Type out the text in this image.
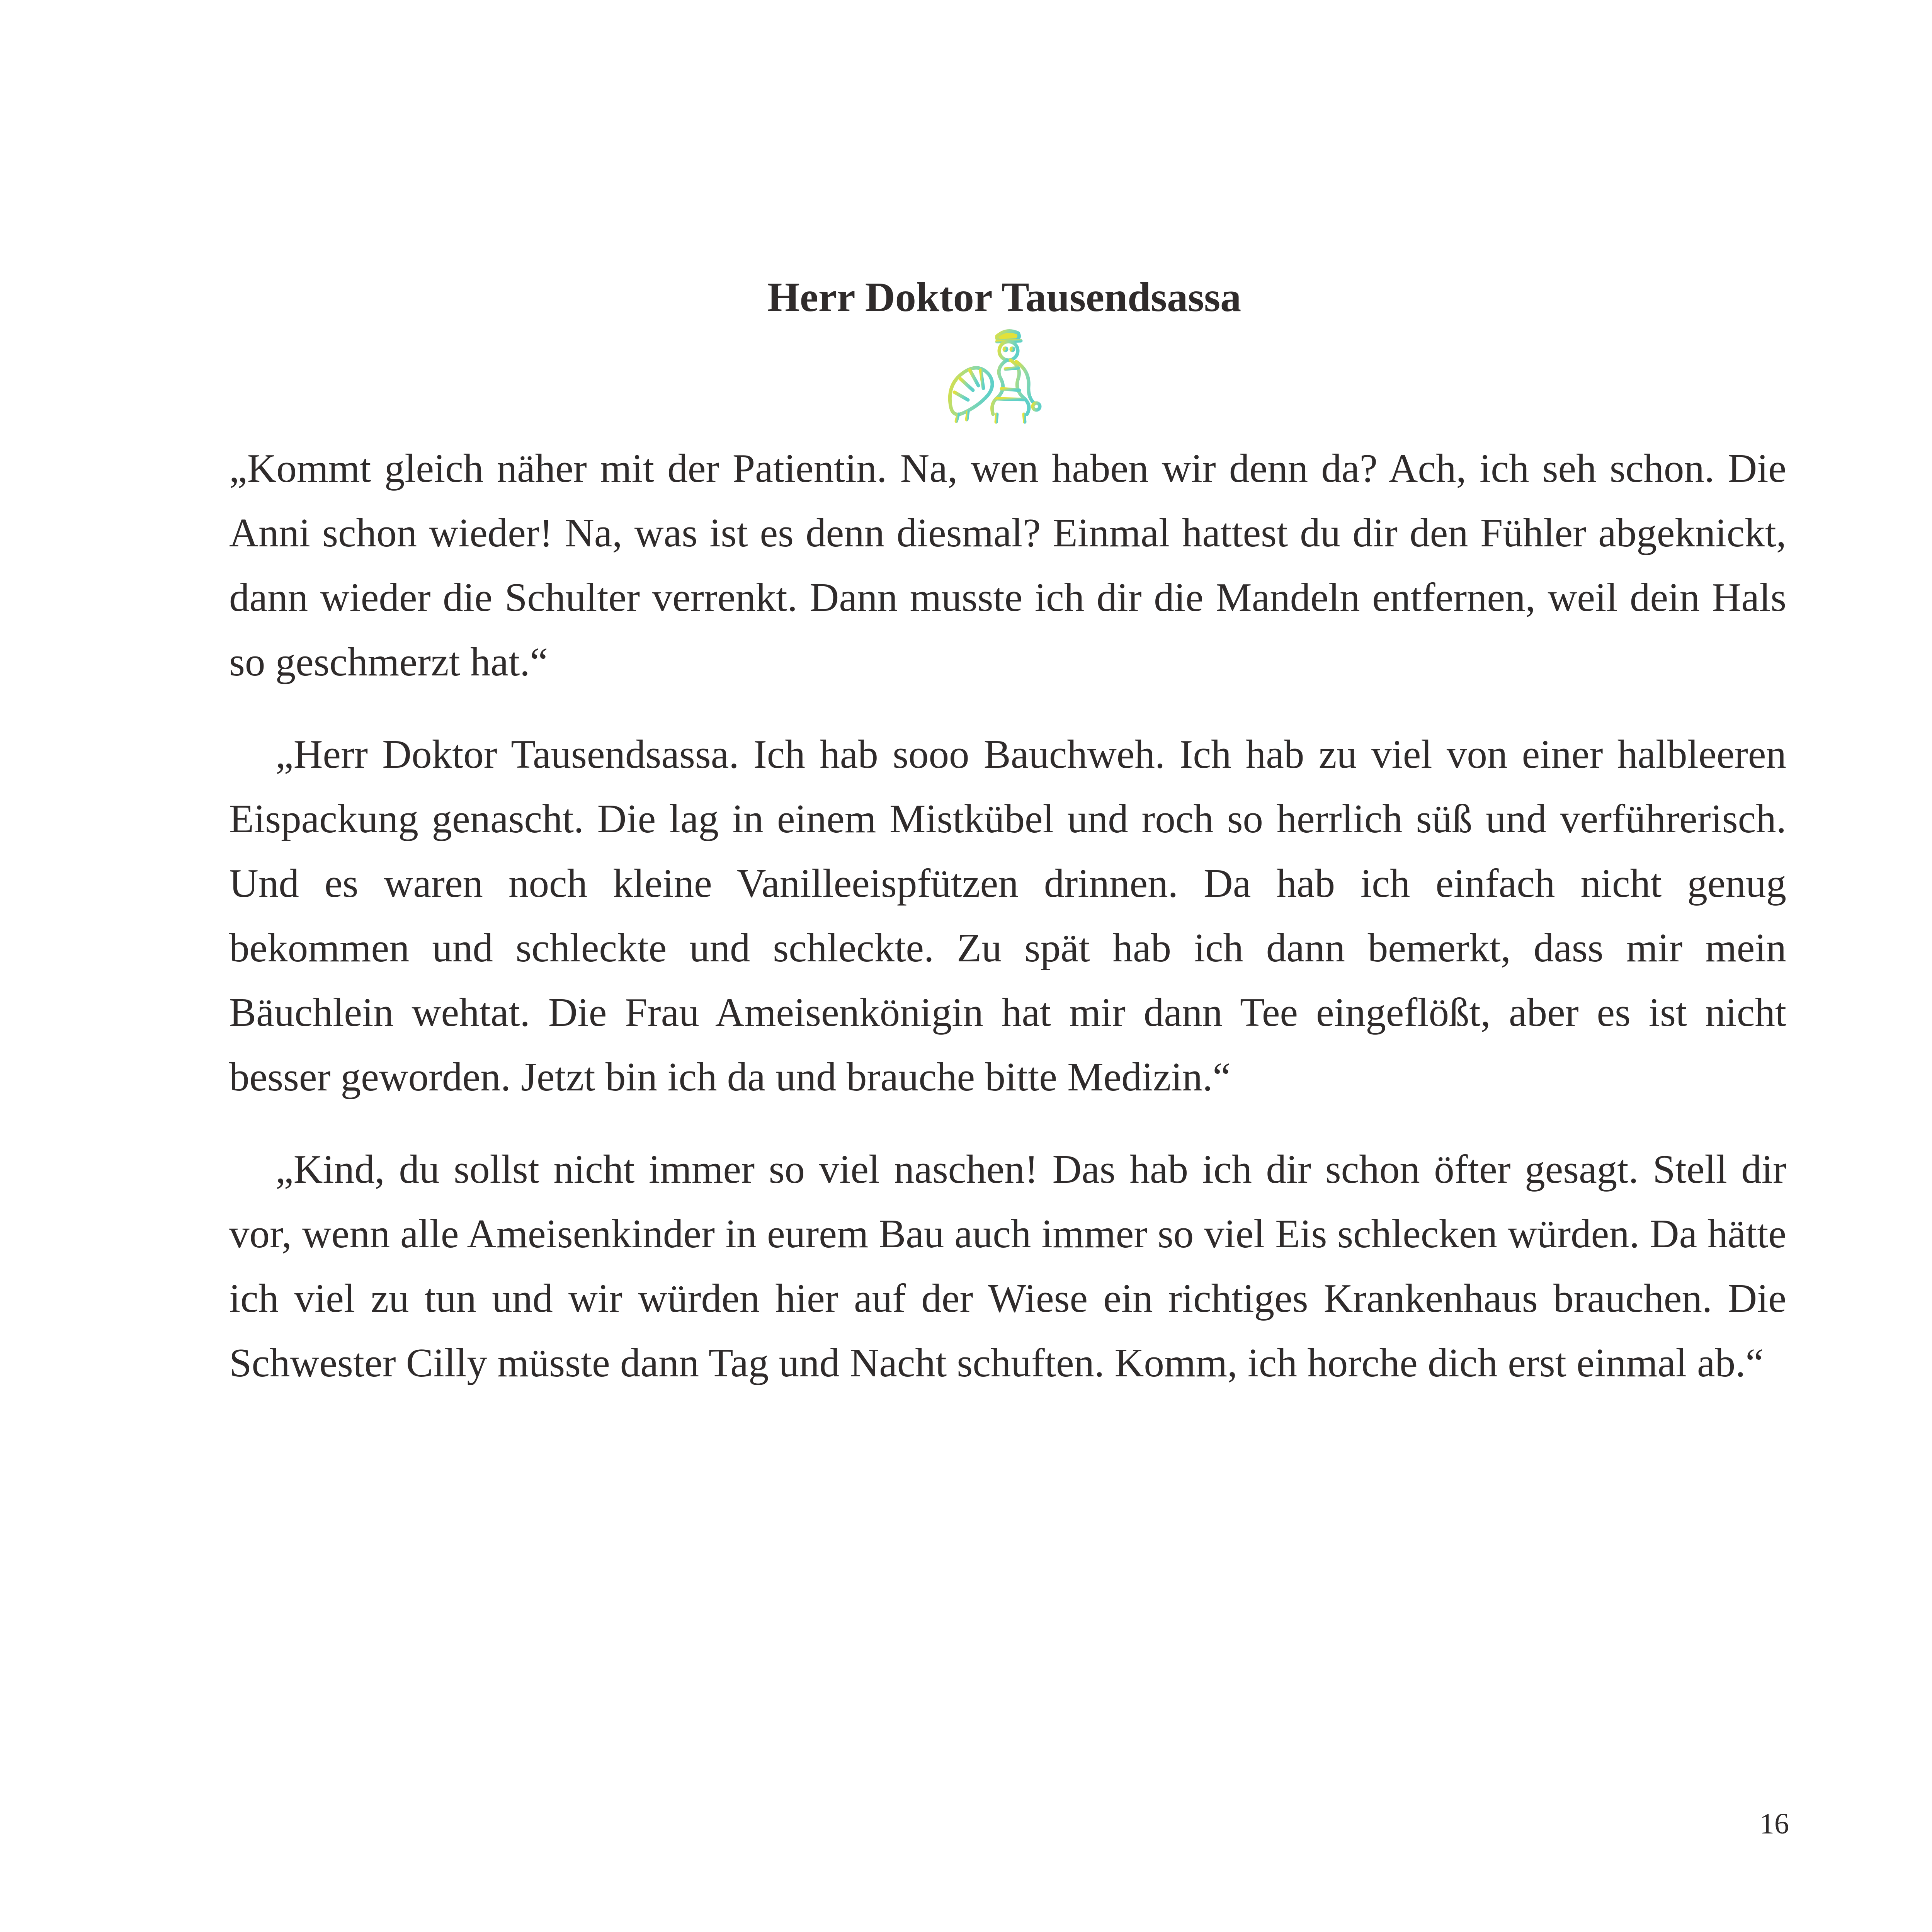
Herr Doktor Tausendsassa

„Kommt gleich näher mit der Patientin. Na, wen haben wir denn da? Ach, ich seh schon. Die Anni schon wieder! Na, was ist es denn diesmal? Einmal hattest du dir den Fühler abgeknickt, dann wieder die Schulter verrenkt. Dann musste ich dir die Mandeln entfernen, weil dein Hals so geschmerzt hat.“

„Herr Doktor Tausendsassa. Ich hab sooo Bauchweh. Ich hab zu viel von einer halbleeren Eispackung genascht. Die lag in einem Mistkübel und roch so herrlich süß und verführerisch. Und es waren noch kleine Vanilleeispfützen drinnen. Da hab ich einfach nicht genug bekommen und schleckte und schleckte. Zu spät hab ich dann bemerkt, dass mir mein Bäuchlein wehtat. Die Frau Ameisenkönigin hat mir dann Tee eingeflößt, aber es ist nicht besser geworden. Jetzt bin ich da und brauche bitte Medizin.“

„Kind, du sollst nicht immer so viel naschen! Das hab ich dir schon öfter gesagt. Stell dir vor, wenn alle Ameisenkinder in eurem Bau auch immer so viel Eis schlecken würden. Da hätte ich viel zu tun und wir würden hier auf der Wiese ein richtiges Krankenhaus brauchen. Die Schwester Cilly müsste dann Tag und Nacht schuften. Komm, ich horche dich erst einmal ab.“

16
